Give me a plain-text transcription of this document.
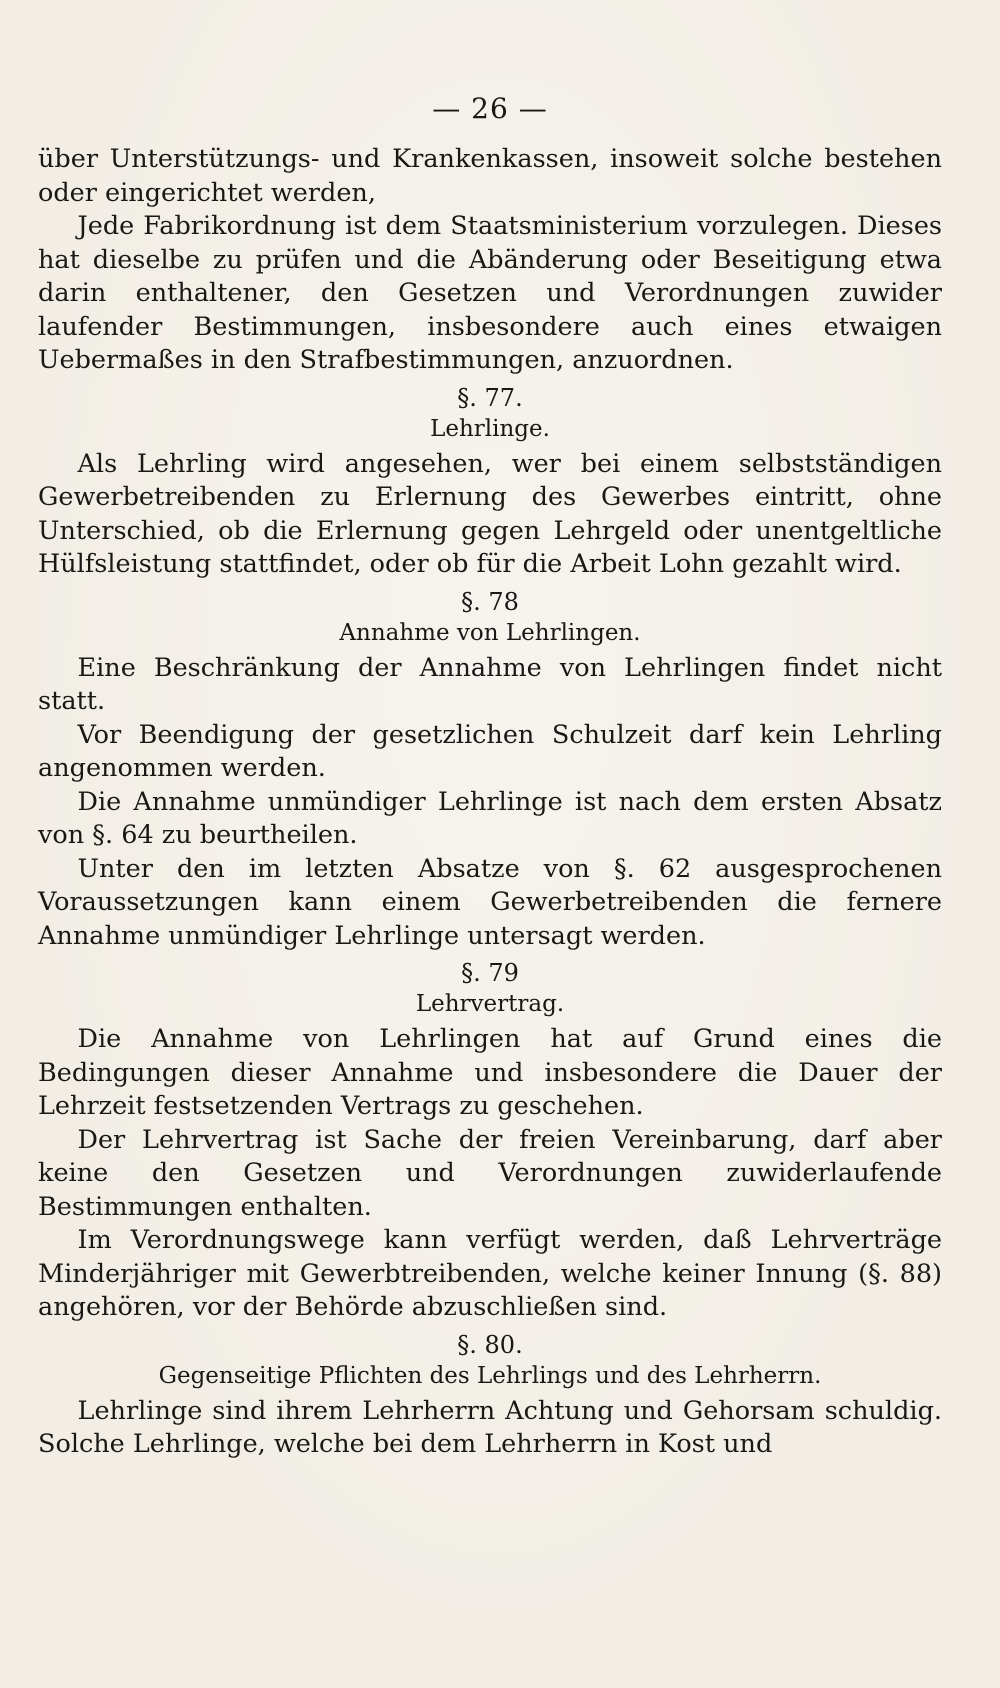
— 26 —

über Unterstützungs- und Krankenkassen, insoweit solche bestehen oder eingerichtet werden,

Jede Fabrikordnung ist dem Staatsministerium vorzulegen. Dieses hat dieselbe zu prüfen und die Abänderung oder Beseitigung etwa darin enthaltener, den Gesetzen und Verordnungen zuwider laufender Bestimmungen, insbesondere auch eines etwaigen Uebermaßes in den Strafbestimmungen, anzuordnen.

§. 77.
Lehrlinge.

Als Lehrling wird angesehen, wer bei einem selbstständigen Gewerbetreibenden zu Erlernung des Gewerbes eintritt, ohne Unterschied, ob die Erlernung gegen Lehrgeld oder unentgeltliche Hülfsleistung stattfindet, oder ob für die Arbeit Lohn gezahlt wird.

§. 78
Annahme von Lehrlingen.

Eine Beschränkung der Annahme von Lehrlingen findet nicht statt.

Vor Beendigung der gesetzlichen Schulzeit darf kein Lehrling angenommen werden.

Die Annahme unmündiger Lehrlinge ist nach dem ersten Absatz von §. 64 zu beurtheilen.

Unter den im letzten Absatze von §. 62 ausgesprochenen Voraussetzungen kann einem Gewerbetreibenden die fernere Annahme unmündiger Lehrlinge untersagt werden.

§. 79
Lehrvertrag.

Die Annahme von Lehrlingen hat auf Grund eines die Bedingungen dieser Annahme und insbesondere die Dauer der Lehrzeit festsetzenden Vertrags zu geschehen.

Der Lehrvertrag ist Sache der freien Vereinbarung, darf aber keine den Gesetzen und Verordnungen zuwiderlaufende Bestimmungen enthalten.

Im Verordnungswege kann verfügt werden, daß Lehrverträge Minderjähriger mit Gewerbtreibenden, welche keiner Innung (§. 88) angehören, vor der Behörde abzuschließen sind.

§. 80.
Gegenseitige Pflichten des Lehrlings und des Lehrherrn.

Lehrlinge sind ihrem Lehrherrn Achtung und Gehorsam schuldig. Solche Lehrlinge, welche bei dem Lehrherrn in Kost und
